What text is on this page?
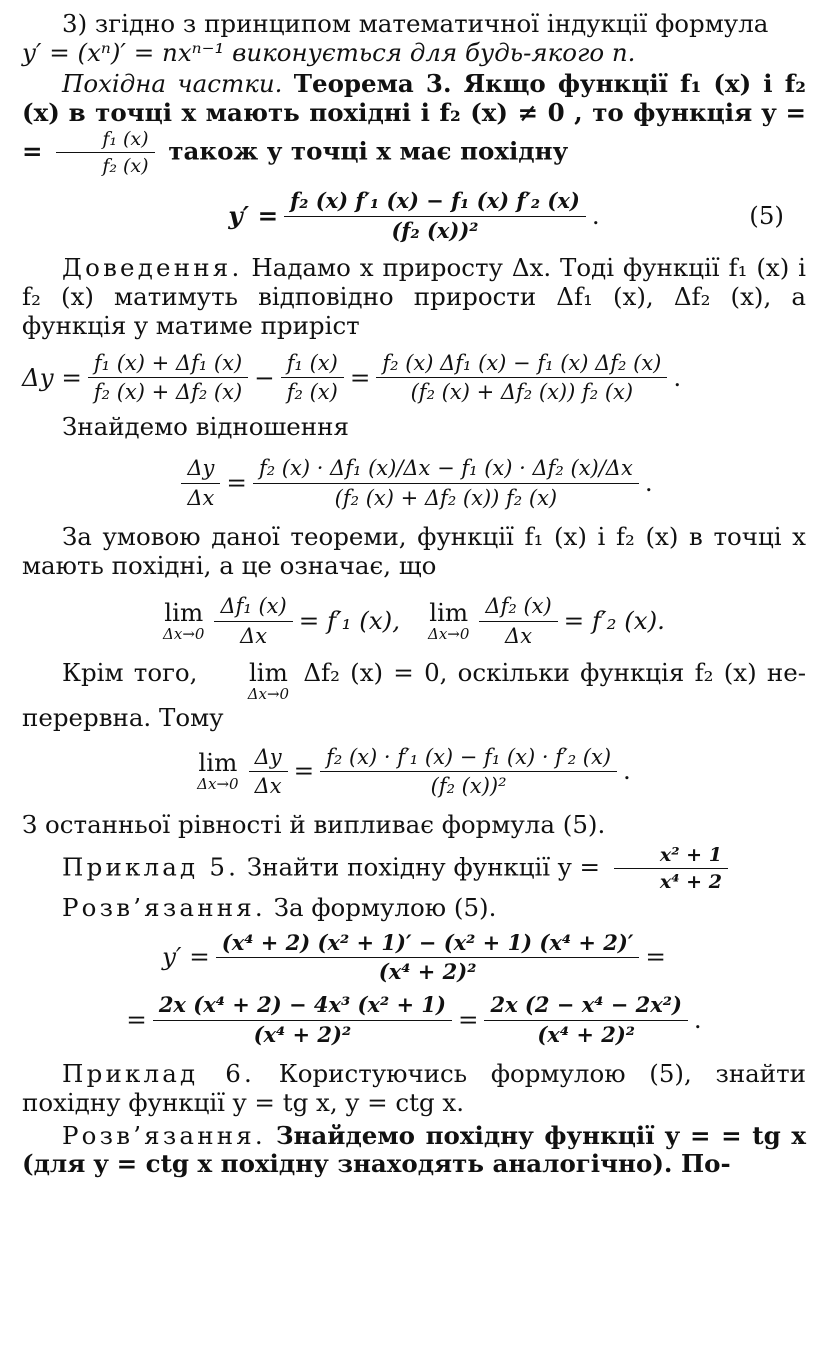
3) згідно з принципом математичної індукції формула

y′ = (xⁿ)′ = nxⁿ⁻¹ виконується для будь-якого n.

Похідна частки. Теорема 3. Якщо функції f₁ (x) і f₂ (x) в точці x мають похідні і f₂ (x) ≠ 0 , то функція y = = $\frac{\text{f₁ (x)}}{\text{f₂ (x)}}$ також у точці x має похідну

$y' = \frac{\text{f₂ (x) f′₁ (x) − f₁ (x) f′₂ (x)}}{\text{(f₂ (x))²}}$ .	(5)

Доведення. Надамо x приросту Δx. Тоді функції f₁ (x) і f₂ (x) матимуть відповідно прирости Δf₁ (x), Δf₂ (x), а функція y матиме приріст

$\Delta y = \frac{\text{f₁ (x) + Δf₁ (x)}}{\text{f₂ (x) + Δf₂ (x)}} - \frac{\text{f₁ (x)}}{\text{f₂ (x)}} = \frac{\text{f₂ (x) Δf₁ (x) − f₁ (x) Δf₂ (x)}}{\text{(f₂ (x) + Δf₂ (x)) f₂ (x)}}$ .

Знайдемо відношення

$\frac{\Delta y}{\Delta x} = \frac{\text{f₂ (x) · Δf₁ (x)/Δx − f₁ (x) · Δf₂ (x)/Δx}}{\text{(f₂ (x) + Δf₂ (x)) f₂ (x)}}$ .

За умовою даної теореми, функції f₁ (x) і f₂ (x) в точці x мають похідні, а це означає, що

lim
$\Delta x\to 0 \frac{\text{Δf₁ (x)}}{\Delta x} = f'_1$ (x), lim
$\Delta x\to 0 \frac{\text{Δf₂ (x)}}{\Delta x} = f'_2$ (x).

Крім того,	lim
Δx→0
Δf₂ (x) = 0, оскільки функція f₂ (x) не- перервна. Тому

lim
$\Delta x\to 0 \frac{\Delta y}{\Delta x} = \frac{\text{f₂ (x) · f′₁ (x) − f₁ (x) · f′₂ (x)}}{\text{(f₂ (x))²}}$ .

З останньої рівності й випливає формула (5).

Приклад 5. Знайти похідну функції $y = \frac{\text{x² + 1}}{\text{x⁴ + 2}}$

Розв’язання. За формулою (5).

$y' = \frac{\text{(x⁴ + 2) (x² + 1)′ − (x² + 1) (x⁴ + 2)′}}{\text{(x⁴ + 2)²}}$ =
= $\frac{\text{2x (x⁴ + 2) − 4x³ (x² + 1)}}{\text{(x⁴ + 2)²}} = \frac{\text{2x (2 − x⁴ − 2x²)}}{\text{(x⁴ + 2)²}}$ .

Приклад 6. Користуючись формулою (5), знайти похідну функції y = tg x, y = ctg x.

Розв’язання. Знайдемо похідну функції y = = tg x (для y = ctg x похідну знаходять аналогічно). По-
